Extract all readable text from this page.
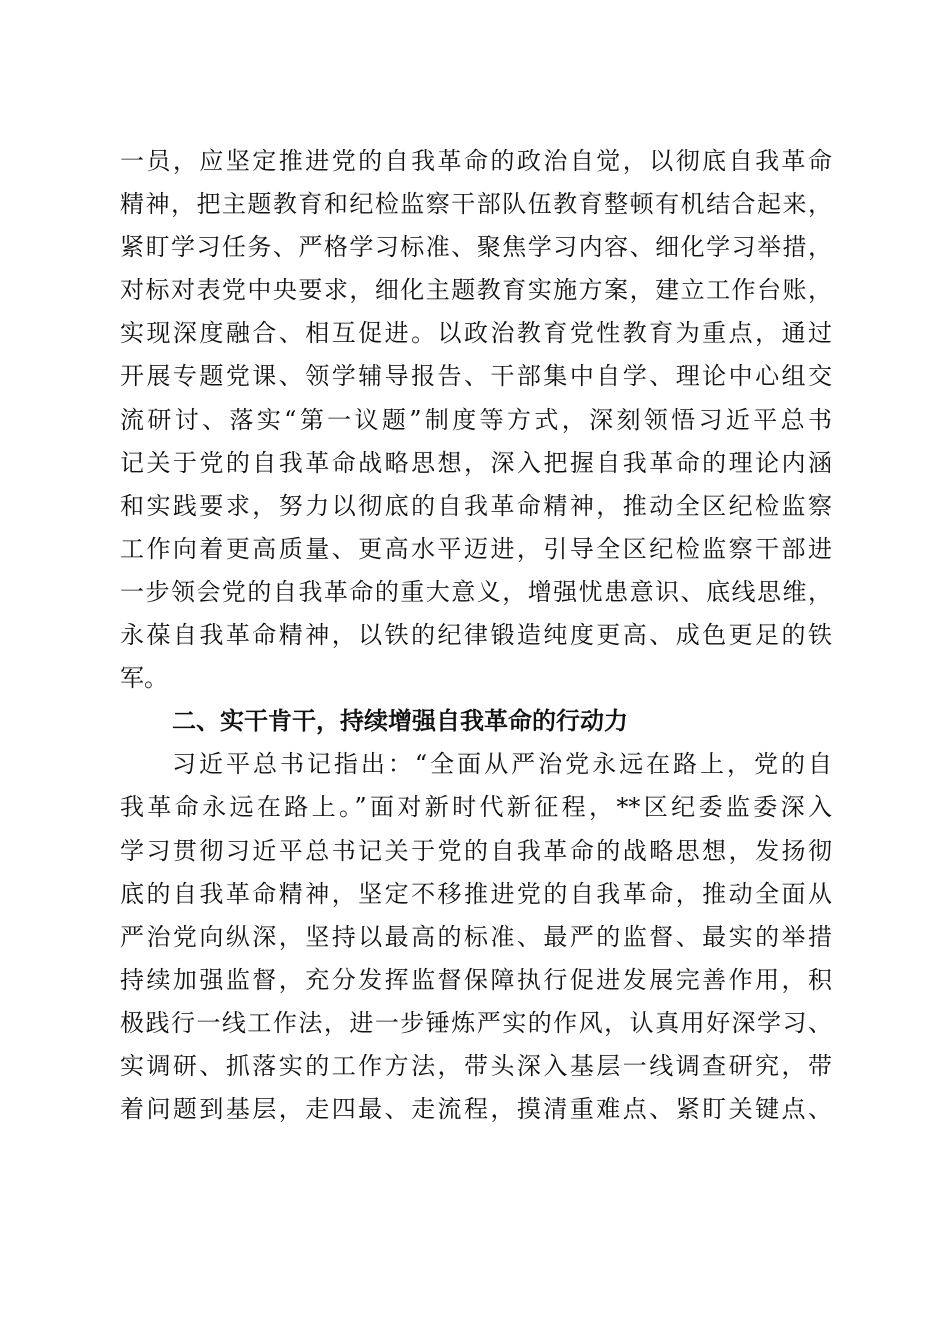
一员，应坚定推进党的自我革命的政治自觉，以彻底自我革命
精神，把主题教育和纪检监察干部队伍教育整顿有机结合起来，
紧盯学习任务、严格学习标准、聚焦学习内容、细化学习举措，
对标对表党中央要求，细化主题教育实施方案，建立工作台账，
实现深度融合、相互促进。以政治教育党性教育为重点，通过
开展专题党课、领学辅导报告、干部集中自学、理论中心组交
流研讨、落实“第一议题”制度等方式，深刻领悟习近平总书
记关于党的自我革命战略思想，深入把握自我革命的理论内涵
和实践要求，努力以彻底的自我革命精神，推动全区纪检监察
工作向着更高质量、更高水平迈进，引导全区纪检监察干部进
一步领会党的自我革命的重大意义，增强忧患意识、底线思维，
永葆自我革命精神，以铁的纪律锻造纯度更高、成色更足的铁
军。
二、实干肯干，持续增强自我革命的行动力
习近平总书记指出：“全面从严治党永远在路上，党的自
我革命永远在路上。”面对新时代新征程，**区纪委监委深入
学习贯彻习近平总书记关于党的自我革命的战略思想，发扬彻
底的自我革命精神，坚定不移推进党的自我革命，推动全面从
严治党向纵深，坚持以最高的标准、最严的监督、最实的举措
持续加强监督，充分发挥监督保障执行促进发展完善作用，积
极践行一线工作法，进一步锤炼严实的作风，认真用好深学习、
实调研、抓落实的工作方法，带头深入基层一线调查研究，带
着问题到基层，走四最、走流程，摸清重难点、紧盯关键点、
